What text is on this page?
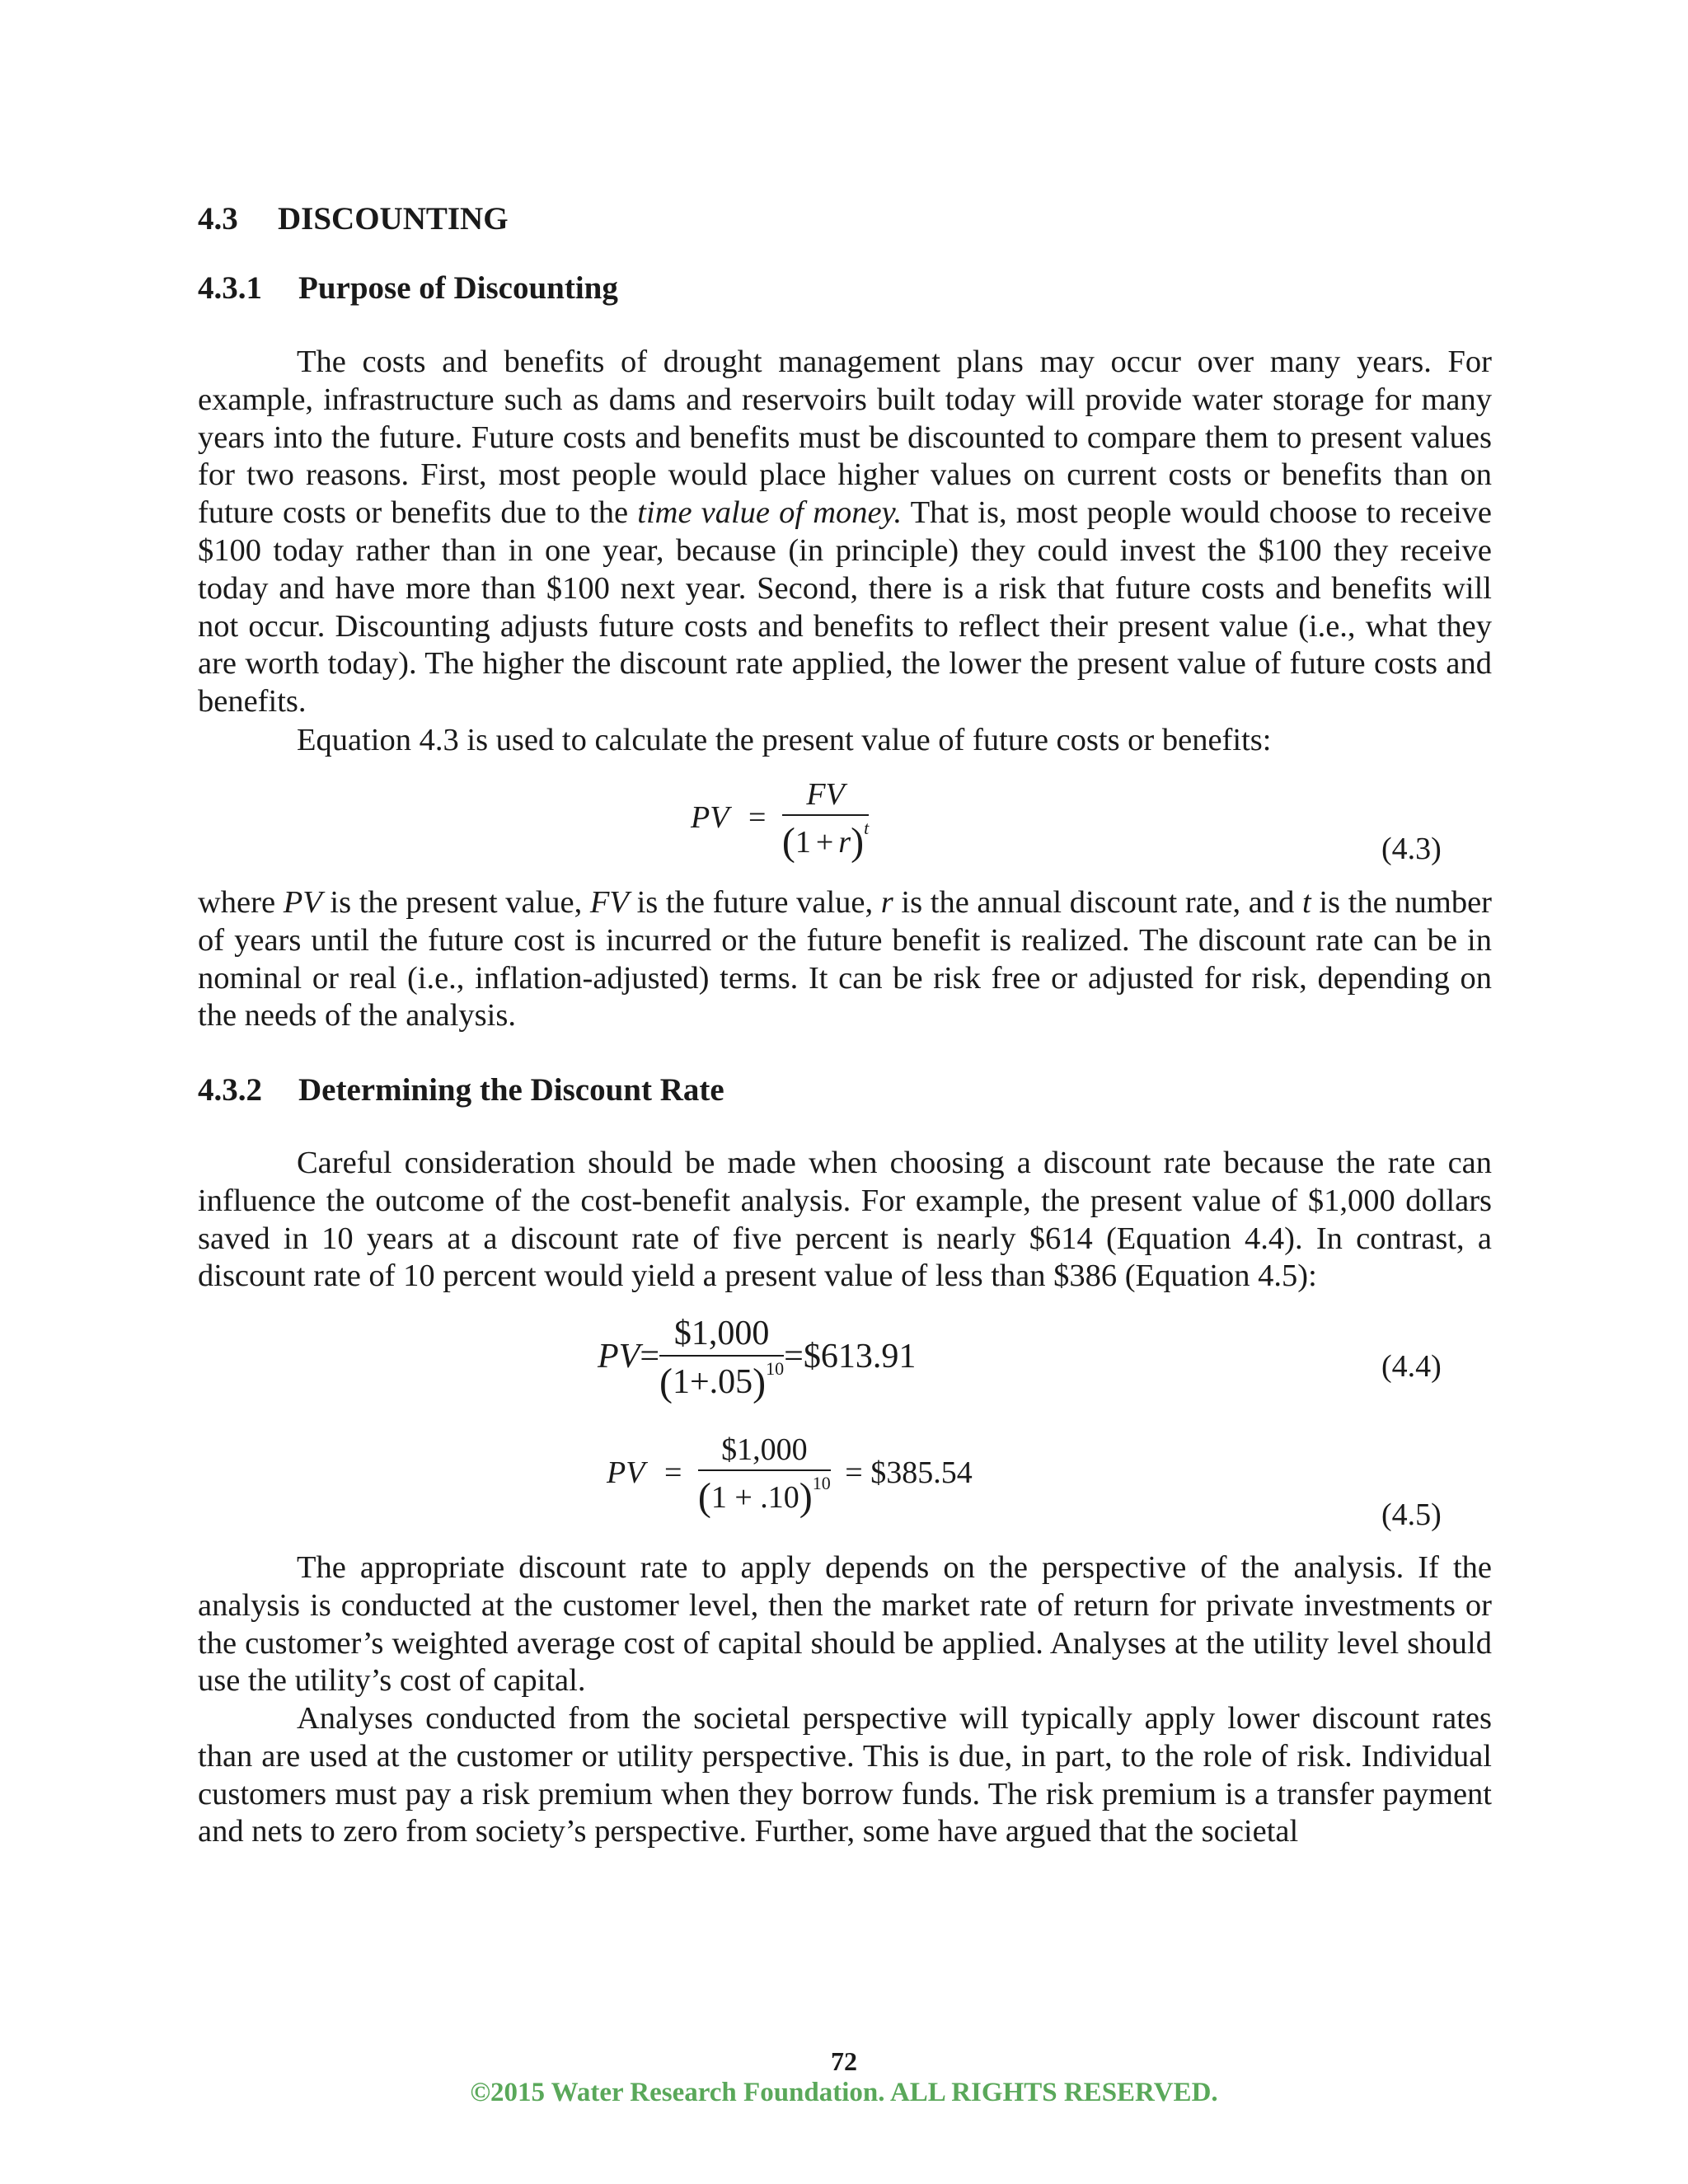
4.3 DISCOUNTING
4.3.1 Purpose of Discounting

The costs and benefits of drought management plans may occur over many years. For example, infrastructure such as dams and reservoirs built today will provide water storage for many years into the future. Future costs and benefits must be discounted to compare them to present values for two reasons. First, most people would place higher values on current costs or benefits than on future costs or benefits due to the time value of money. That is, most people would choose to receive $100 today rather than in one year, because (in principle) they could invest the $100 they receive today and have more than $100 next year. Second, there is a risk that future costs and benefits will not occur. Discounting adjusts future costs and benefits to reflect their present value (i.e., what they are worth today). The higher the discount rate applied, the lower the present value of future costs and benefits.

Equation 4.3 is used to calculate the present value of future costs or benefits:

PV = $\frac{FV}{(1 + r)^t}$	(4.3)

where PV is the present value, FV is the future value, r is the annual discount rate, and t is the number of years until the future cost is incurred or the future benefit is realized. The discount rate can be in nominal or real (i.e., inflation-adjusted) terms. It can be risk free or adjusted for risk, depending on the needs of the analysis.

4.3.2 Determining the Discount Rate

Careful consideration should be made when choosing a discount rate because the rate can influence the outcome of the cost-benefit analysis. For example, the present value of $1,000 dollars saved in 10 years at a discount rate of five percent is nearly $614 (Equation 4.4). In contrast, a discount rate of 10 percent would yield a present value of less than $386 (Equation 4.5):

$PV= \frac{\$1,000}{(1+.05)^{10}}$ =$613.91	(4.4)
PV = $\frac{\$1,000}{(1 + .10)^{10}}$ = $385.54
(4.5)

The appropriate discount rate to apply depends on the perspective of the analysis. If the analysis is conducted at the customer level, then the market rate of return for private investments or the customer’s weighted average cost of capital should be applied. Analyses at the utility level should use the utility’s cost of capital.

Analyses conducted from the societal perspective will typically apply lower discount rates than are used at the customer or utility perspective. This is due, in part, to the role of risk. Individual customers must pay a risk premium when they borrow funds. The risk premium is a transfer payment and nets to zero from society’s perspective. Further, some have argued that the societal

72
©2015 Water Research Foundation. ALL RIGHTS RESERVED.
